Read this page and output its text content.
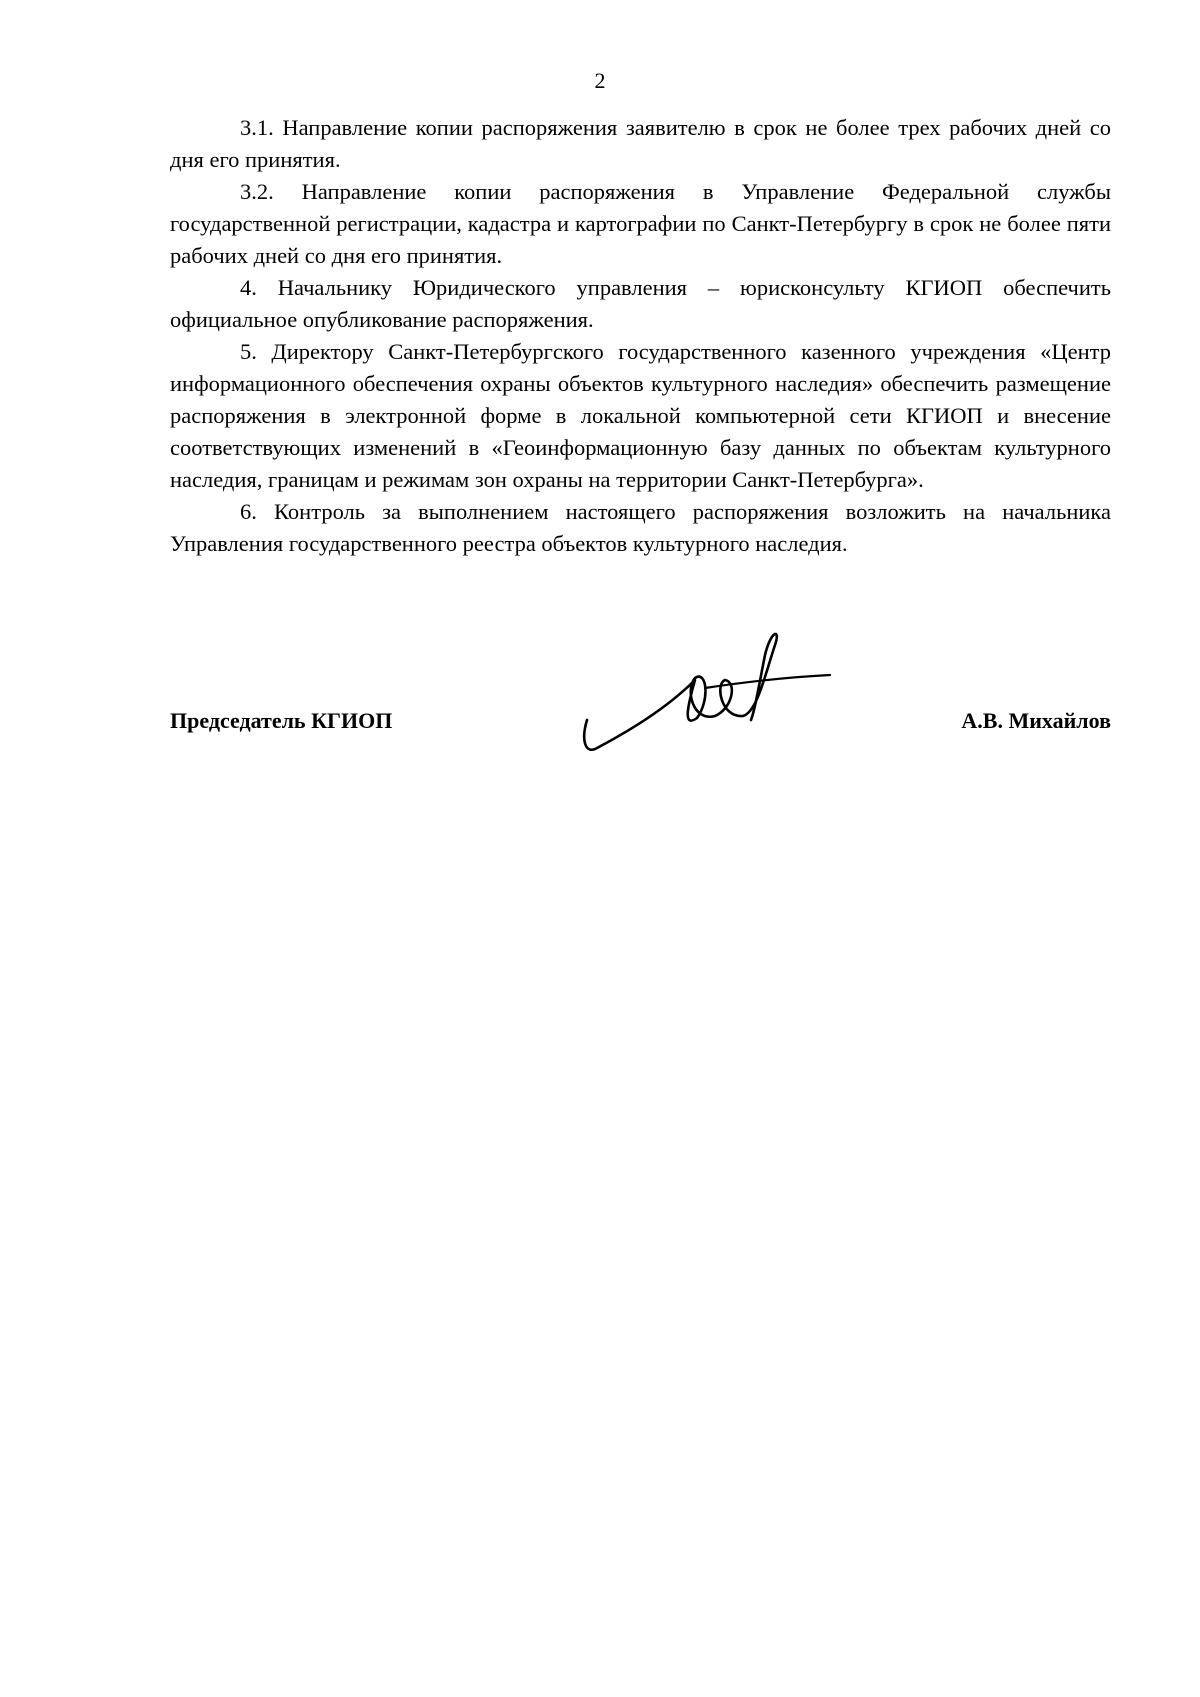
2

3.1. Направление копии распоряжения заявителю в срок не более трех рабочих дней со дня его принятия.

3.2. Направление копии распоряжения в Управление Федеральной службы государственной регистрации, кадастра и картографии по Санкт-Петербургу в срок не более пяти рабочих дней со дня его принятия.

4. Начальнику Юридического управления – юрисконсульту КГИОП обеспечить официальное опубликование распоряжения.

5. Директору Санкт-Петербургского государственного казенного учреждения «Центр информационного обеспечения охраны объектов культурного наследия» обеспечить размещение распоряжения в электронной форме в локальной компьютерной сети КГИОП и внесение соответствующих изменений в «Геоинформационную базу данных по объектам культурного наследия, границам и режимам зон охраны на территории Санкт-Петербурга».

6. Контроль за выполнением настоящего распоряжения возложить на начальника Управления государственного реестра объектов культурного наследия.

Председатель КГИОП	А.В. Михайлов
